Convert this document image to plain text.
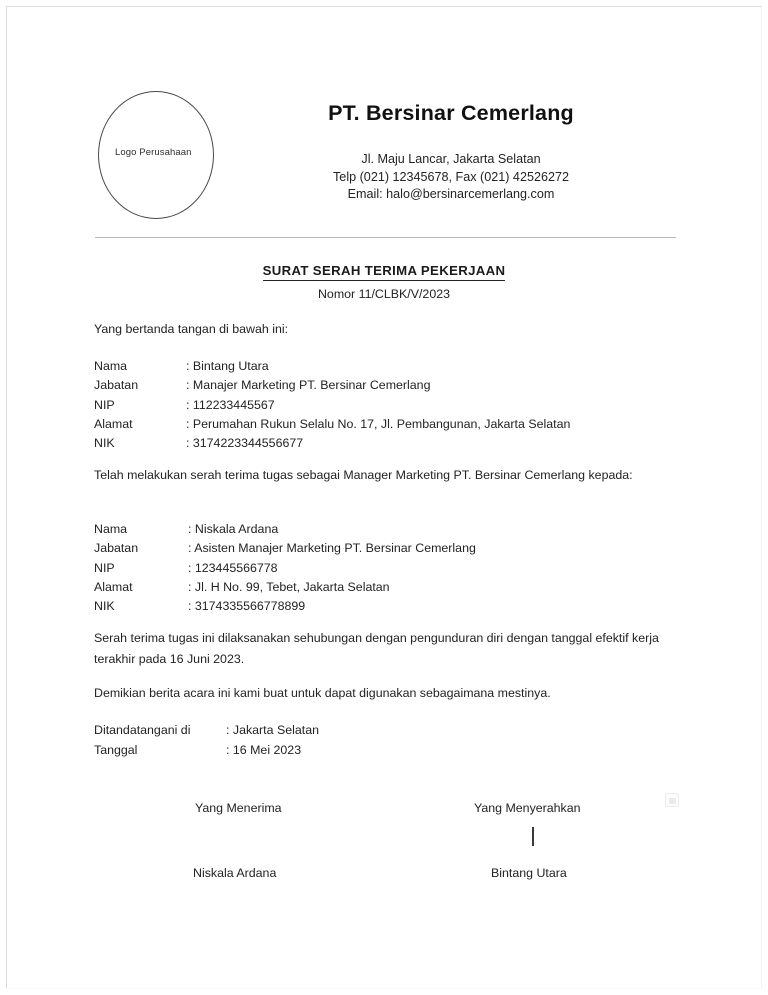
Logo Perusahaan
PT. Bersinar Cemerlang
Jl. Maju Lancar, Jakarta Selatan
Telp (021) 12345678, Fax (021) 42526272
Email: halo@bersinarcemerlang.com
SURAT SERAH TERIMA PEKERJAAN
Nomor 11/CLBK/V/2023
Yang bertanda tangan di bawah ini:
Nama	: Bintang Utara
Jabatan	: Manajer Marketing PT. Bersinar Cemerlang
NIP	: 112233445567
Alamat	: Perumahan Rukun Selalu No. 17, Jl. Pembangunan, Jakarta Selatan
NIK	: 3174223344556677
Telah melakukan serah terima tugas sebagai Manager Marketing PT. Bersinar Cemerlang kepada:
Nama	: Niskala Ardana
Jabatan	: Asisten Manajer Marketing PT. Bersinar Cemerlang
NIP	: 123445566778
Alamat	: Jl. H No. 99, Tebet, Jakarta Selatan
NIK	: 3174335566778899
Serah terima tugas ini dilaksanakan sehubungan dengan pengunduran diri dengan tanggal efektif kerja terakhir pada 16 Juni 2023.
Demikian berita acara ini kami buat untuk dapat digunakan sebagaimana mestinya.
Ditandatangani di	: Jakarta Selatan
Tanggal	: 16 Mei 2023
Yang Menerima
Niskala Ardana
Yang Menyerahkan
Bintang Utara
